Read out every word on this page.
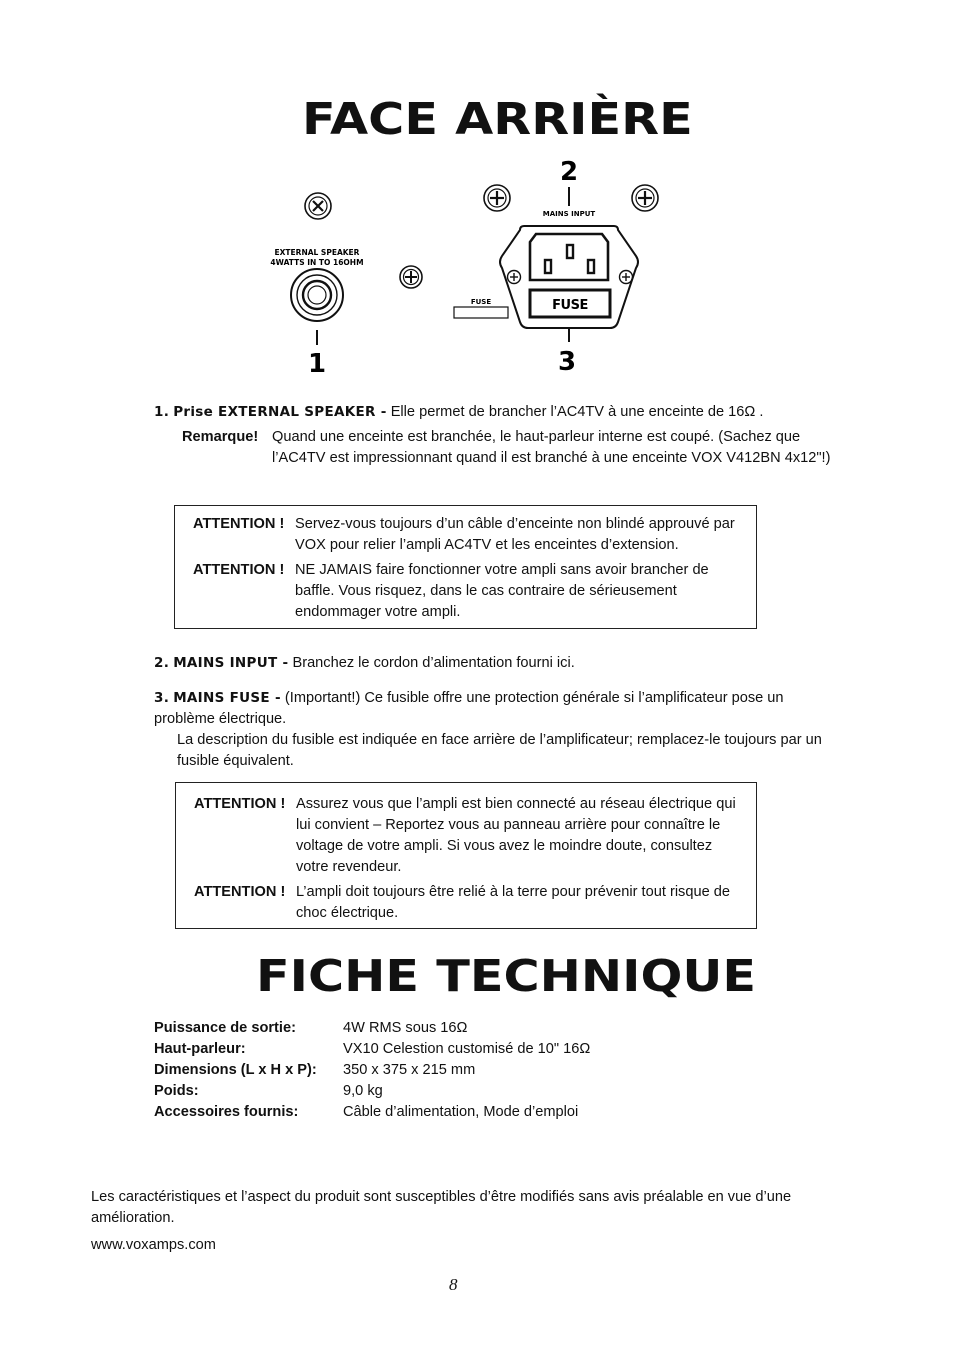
FACE ARRIÈRE
EXTERNAL SPEAKER
4WATTS IN TO 16OHM
1
2
MAINS INPUT
FUSE
FUSE
3
1. Prise EXTERNAL SPEAKER - Elle permet de brancher l’AC4TV à une enceinte de 16Ω .
Remarque! Quand une enceinte est branchée, le haut-parleur interne est coupé. (Sachez que l’AC4TV est impressionnant quand il est branché à une enceinte VOX V412BN 4x12"!)
ATTENTION ! Servez-vous toujours d’un câble d’enceinte non blindé approuvé par VOX pour relier l’ampli AC4TV et les enceintes d’extension.
ATTENTION ! NE JAMAIS faire fonctionner votre ampli sans avoir brancher de baffle. Vous risquez, dans le cas contraire de sérieusement endommager votre ampli.
2. MAINS INPUT - Branchez le cordon d’alimentation fourni ici.
3. MAINS FUSE - (Important!) Ce fusible offre une protection générale si l’amplificateur pose un problème électrique.
La description du fusible est indiquée en face arrière de l’amplificateur; remplacez-le toujours par un fusible équivalent.
ATTENTION ! Assurez vous que l’ampli est bien connecté au réseau électrique qui lui convient – Reportez vous au panneau arrière pour connaître le voltage de votre ampli. Si vous avez le moindre doute, consultez votre revendeur.
ATTENTION ! L’ampli doit toujours être relié à la terre pour prévenir tout risque de choc électrique.
FICHE TECHNIQUE
Puissance de sortie:	4W RMS sous 16Ω
Haut-parleur:	VX10 Celestion customisé de 10" 16Ω
Dimensions (L x H x P): 350 x 375 x 215 mm
Poids:	9,0 kg
Accessoires fournis:	Câble d’alimentation, Mode d’emploi
Les caractéristiques et l’aspect du produit sont susceptibles d’être modifiés sans avis préalable en vue d’une amélioration.
www.voxamps.com
8
